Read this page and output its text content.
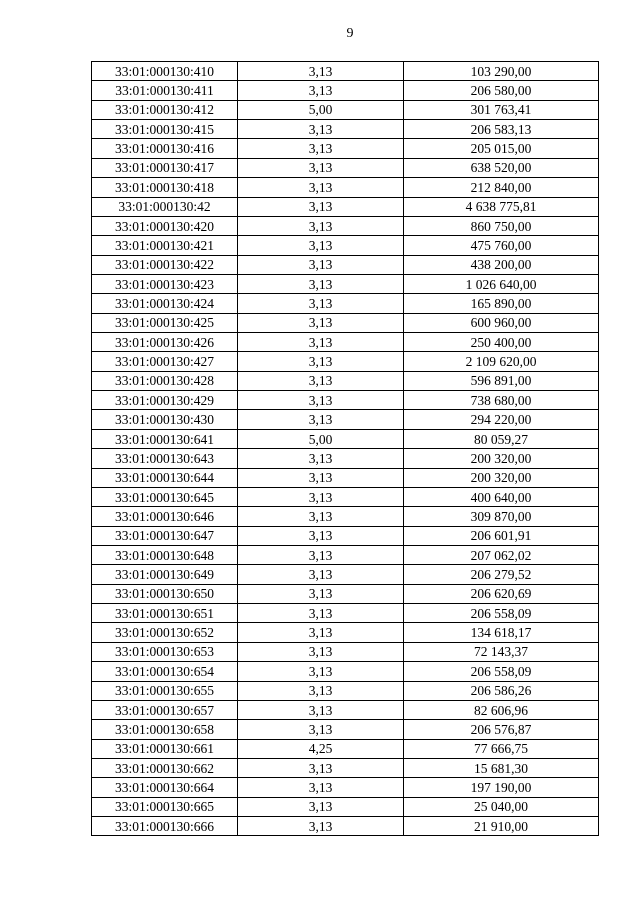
9
33:01:000130:410	3,13	103 290,00
33:01:000130:411	3,13	206 580,00
33:01:000130:412	5,00	301 763,41
33:01:000130:415	3,13	206 583,13
33:01:000130:416	3,13	205 015,00
33:01:000130:417	3,13	638 520,00
33:01:000130:418	3,13	212 840,00
33:01:000130:42	3,13	4 638 775,81
33:01:000130:420	3,13	860 750,00
33:01:000130:421	3,13	475 760,00
33:01:000130:422	3,13	438 200,00
33:01:000130:423	3,13	1 026 640,00
33:01:000130:424	3,13	165 890,00
33:01:000130:425	3,13	600 960,00
33:01:000130:426	3,13	250 400,00
33:01:000130:427	3,13	2 109 620,00
33:01:000130:428	3,13	596 891,00
33:01:000130:429	3,13	738 680,00
33:01:000130:430	3,13	294 220,00
33:01:000130:641	5,00	80 059,27
33:01:000130:643	3,13	200 320,00
33:01:000130:644	3,13	200 320,00
33:01:000130:645	3,13	400 640,00
33:01:000130:646	3,13	309 870,00
33:01:000130:647	3,13	206 601,91
33:01:000130:648	3,13	207 062,02
33:01:000130:649	3,13	206 279,52
33:01:000130:650	3,13	206 620,69
33:01:000130:651	3,13	206 558,09
33:01:000130:652	3,13	134 618,17
33:01:000130:653	3,13	72 143,37
33:01:000130:654	3,13	206 558,09
33:01:000130:655	3,13	206 586,26
33:01:000130:657	3,13	82 606,96
33:01:000130:658	3,13	206 576,87
33:01:000130:661	4,25	77 666,75
33:01:000130:662	3,13	15 681,30
33:01:000130:664	3,13	197 190,00
33:01:000130:665	3,13	25 040,00
33:01:000130:666	3,13	21 910,00
